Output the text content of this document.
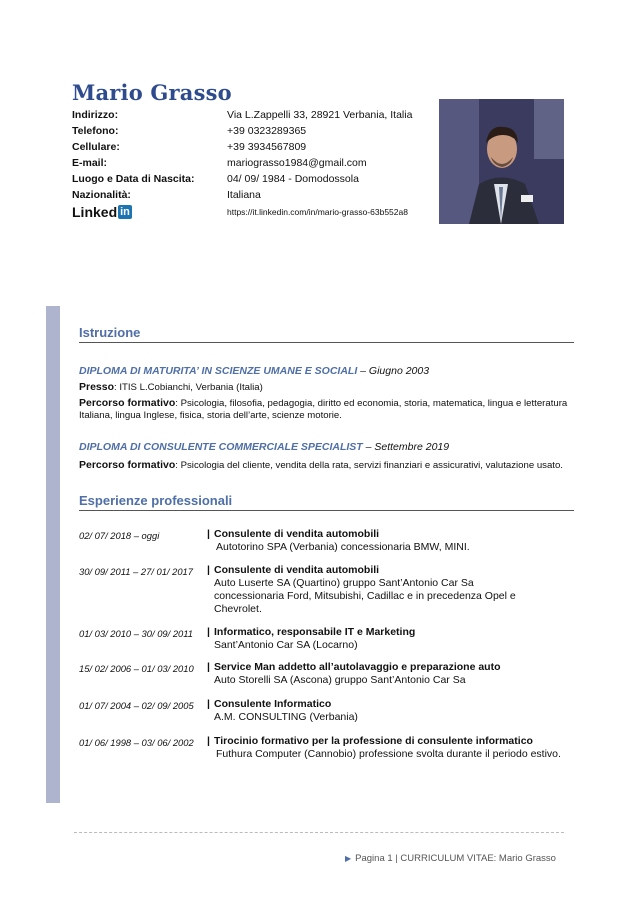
Mario Grasso
Indirizzo:	Via L.Zappelli 33, 28921 Verbania, Italia
Telefono:	+39 0323289365
Cellulare:	+39 3934567809
E-mail:	mariograsso1984@gmail.com
Luogo e Data di Nascita:	04/ 09/ 1984 - Domodossola
Nazionalità:	Italiana
Linked in	https://it.linkedin.com/in/mario-grasso-63b552a8
Istruzione
DIPLOMA DI MATURITA’ IN SCIENZE UMANE E SOCIALI – Giugno 2003
Presso: ITIS L.Cobianchi, Verbania (Italia)
Percorso formativo: Psicologia, filosofia, pedagogia, diritto ed economia, storia, matematica, lingua e letteratura
Italiana, lingua Inglese, fisica, storia dell’arte, scienze motorie.
DIPLOMA DI CONSULENTE COMMERCIALE SPECIALIST – Settembre 2019
Percorso formativo: Psicologia del cliente, vendita della rata, servizi finanziari e assicurativi, valutazione usato.
Esperienze professionali
02/ 07/ 2018 – oggi	| Consulente di vendita automobili
Autotorino SPA (Verbania) concessionaria BMW, MINI.
30/ 09/ 2011 – 27/ 01/ 2017 | Consulente di vendita automobili
Auto Luserte SA (Quartino) gruppo Sant’Antonio Car Sa
concessionaria Ford, Mitsubishi, Cadillac e in precedenza Opel e
Chevrolet.
01/ 03/ 2010 – 30/ 09/ 2011 | Informatico, responsabile IT e Marketing
Sant’Antonio Car SA (Locarno)
15/ 02/ 2006 – 01/ 03/ 2010 | Service Man addetto all’autolavaggio e preparazione auto
Auto Storelli SA (Ascona) gruppo Sant’Antonio Car Sa
01/ 07/ 2004 – 02/ 09/ 2005 | Consulente Informatico
A.M. CONSULTING (Verbania)
01/ 06/ 1998 – 03/ 06/ 2002 | Tirocinio formativo per la professione di consulente informatico
Futhura Computer (Cannobio) professione svolta durante il periodo estivo.
▶ Pagina 1 | CURRICULUM VITAE: Mario Grasso
